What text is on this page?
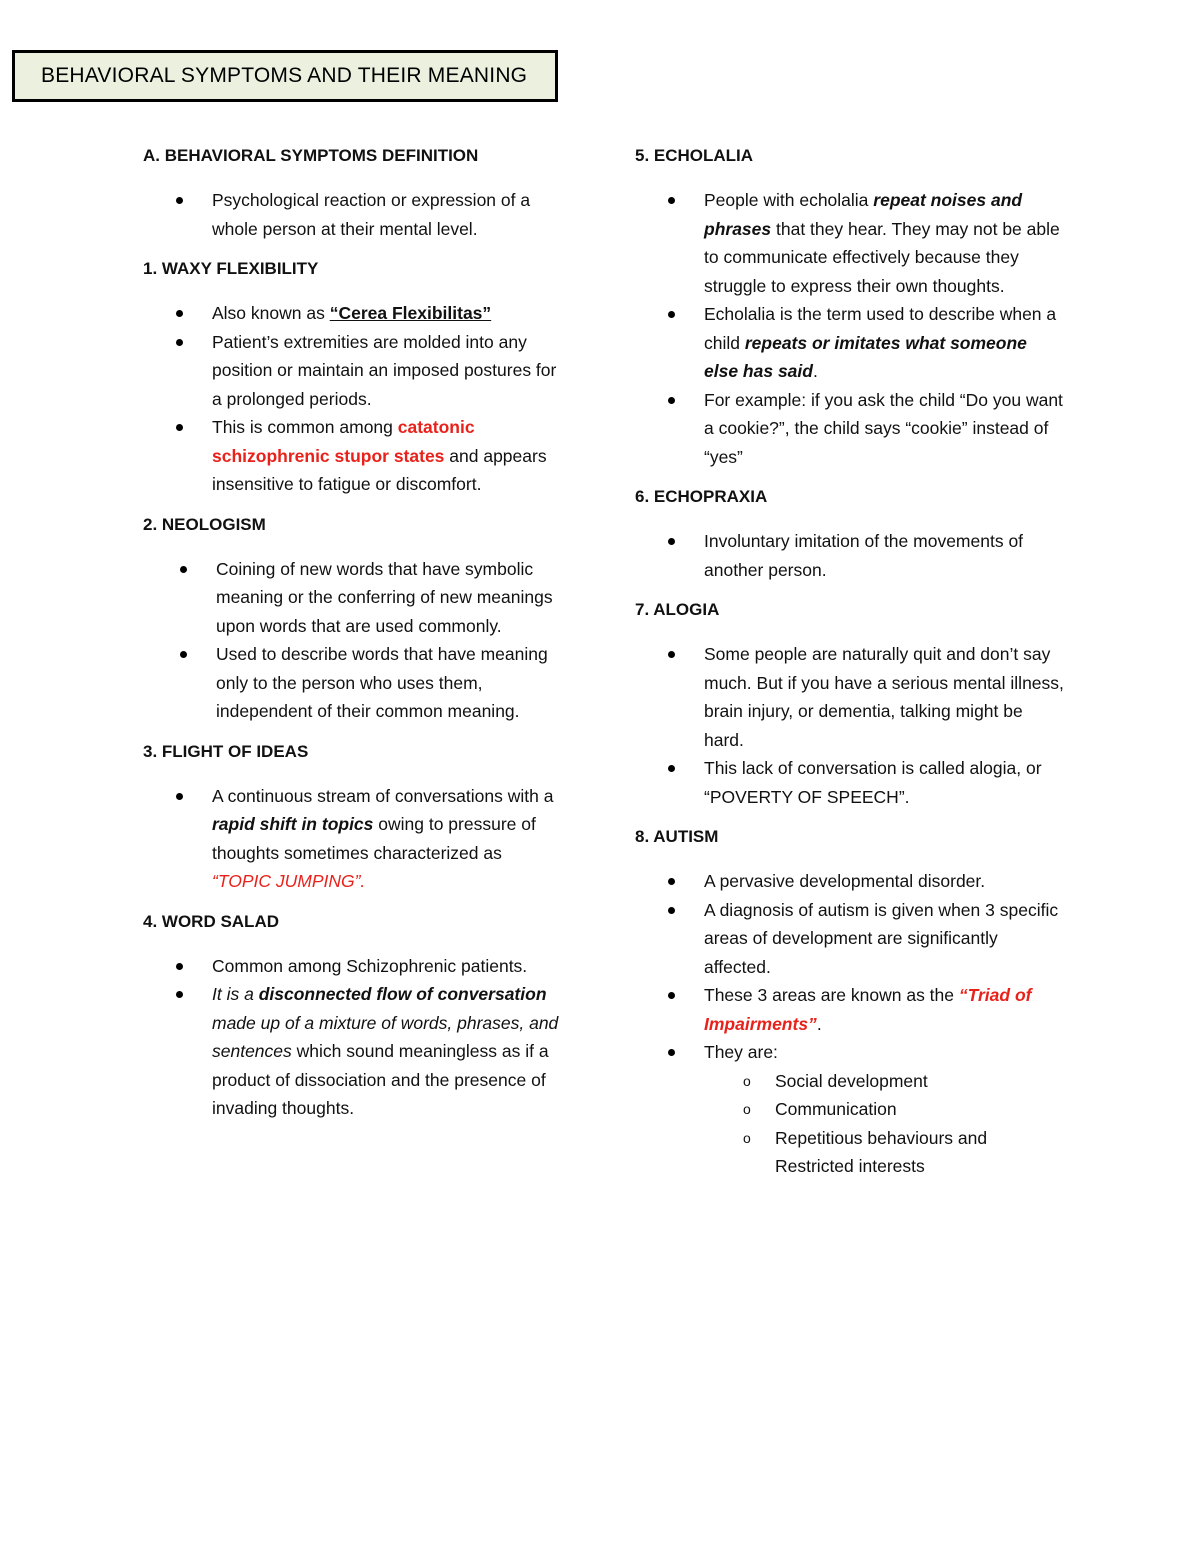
BEHAVIORAL SYMPTOMS AND THEIR MEANING

A. BEHAVIORAL SYMPTOMS DEFINITION

Psychological reaction or expression of a whole person at their mental level.

1. WAXY FLEXIBILITY

Also known as “Cerea Flexibilitas”
Patient’s extremities are molded into any position or maintain an imposed postures for a prolonged periods.
This is common among catatonic schizophrenic stupor states and appears insensitive to fatigue or discomfort.

2. NEOLOGISM

Coining of new words that have symbolic meaning or the conferring of new meanings upon words that are used commonly.
Used to describe words that have meaning only to the person who uses them, independent of their common meaning.

3. FLIGHT OF IDEAS

A continuous stream of conversations with a rapid shift in topics owing to pressure of thoughts sometimes characterized as “TOPIC JUMPING”.

4. WORD SALAD

Common among Schizophrenic patients.
It is a disconnected flow of conversation made up of a mixture of words, phrases, and sentences which sound meaningless as if a product of dissociation and the presence of invading thoughts.

5. ECHOLALIA

People with echolalia repeat noises and phrases that they hear. They may not be able to communicate effectively because they struggle to express their own thoughts.
Echolalia is the term used to describe when a child repeats or imitates what someone else has said.
For example: if you ask the child “Do you want a cookie?”, the child says “cookie” instead of “yes”

6. ECHOPRAXIA

Involuntary imitation of the movements of another person.

7. ALOGIA

Some people are naturally quit and don’t say much. But if you have a serious mental illness, brain injury, or dementia, talking might be hard.
This lack of conversation is called alogia, or “POVERTY OF SPEECH”.

8. AUTISM

A pervasive developmental disorder.
A diagnosis of autism is given when 3 specific areas of development are significantly affected.
These 3 areas are known as the “Triad of Impairments”.
They are:
o Social development
o Communication
o Repetitious behaviours and Restricted interests
